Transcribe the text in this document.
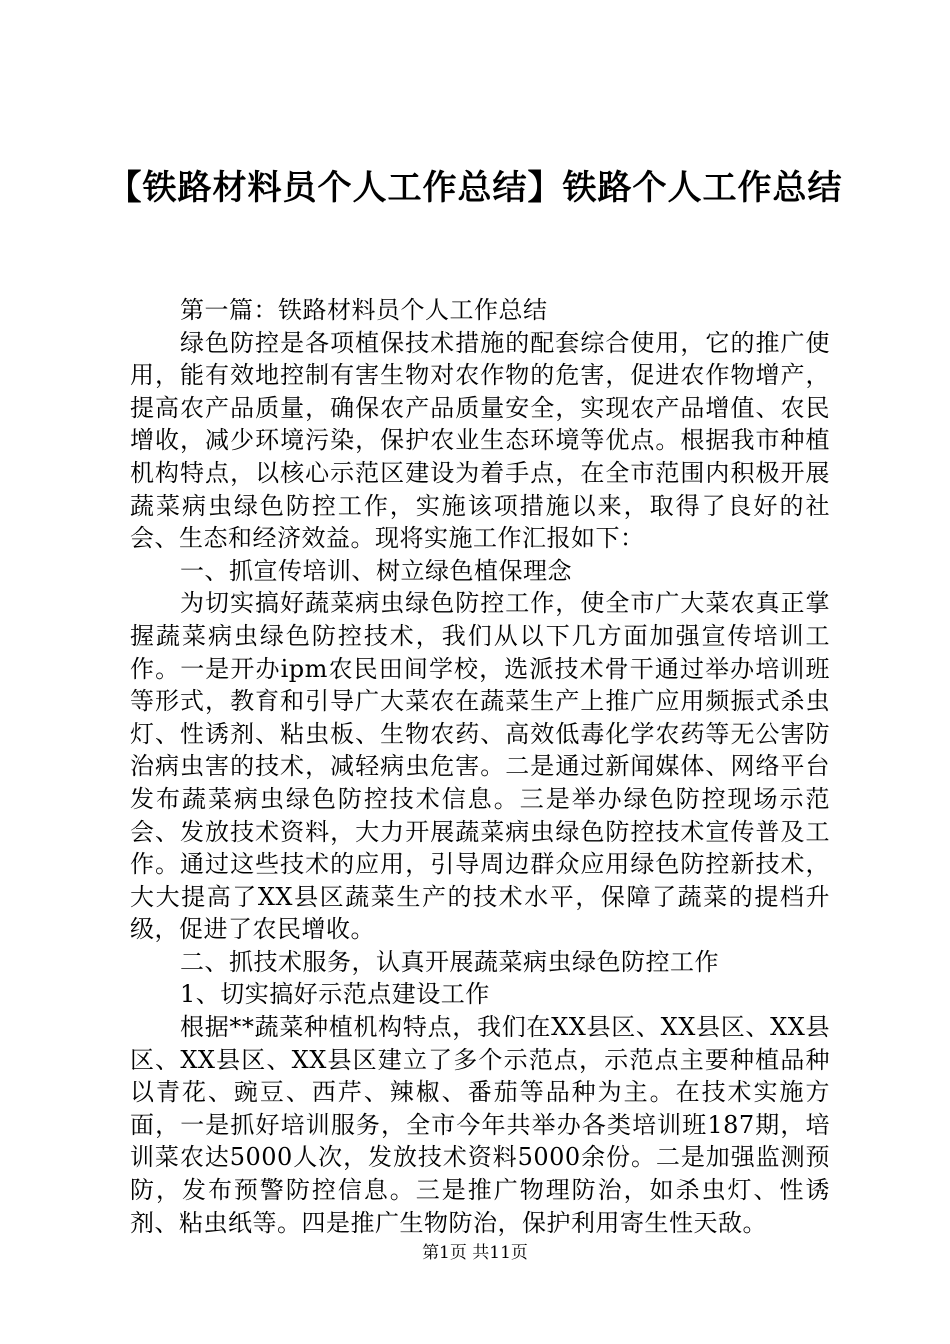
【铁路材料员个人工作总结】铁路个人工作总结

第一篇：铁路材料员个人工作总结

绿色防控是各项植保技术措施的配套综合使用，它的推广使用，能有效地控制有害生物对农作物的危害，促进农作物增产，提高农产品质量，确保农产品质量安全，实现农产品增值、农民增收，减少环境污染，保护农业生态环境等优点。根据我市种植机构特点，以核心示范区建设为着手点，在全市范围内积极开展蔬菜病虫绿色防控工作，实施该项措施以来，取得了良好的社会、生态和经济效益。现将实施工作汇报如下：

一、抓宣传培训、树立绿色植保理念

为切实搞好蔬菜病虫绿色防控工作，使全市广大菜农真正掌握蔬菜病虫绿色防控技术，我们从以下几方面加强宣传培训工作。一是开办ipm农民田间学校，选派技术骨干通过举办培训班等形式，教育和引导广大菜农在蔬菜生产上推广应用频振式杀虫灯、性诱剂、粘虫板、生物农药、高效低毒化学农药等无公害防治病虫害的技术，减轻病虫危害。二是通过新闻媒体、网络平台发布蔬菜病虫绿色防控技术信息。三是举办绿色防控现场示范会、发放技术资料，大力开展蔬菜病虫绿色防控技术宣传普及工作。通过这些技术的应用，引导周边群众应用绿色防控新技术，大大提高了XX县区蔬菜生产的技术水平，保障了蔬菜的提档升级，促进了农民增收。

二、抓技术服务，认真开展蔬菜病虫绿色防控工作

1、切实搞好示范点建设工作

根据**蔬菜种植机构特点，我们在XX县区、XX县区、XX县区、XX县区、XX县区建立了多个示范点，示范点主要种植品种以青花、豌豆、西芹、辣椒、番茄等品种为主。在技术实施方面，一是抓好培训服务，全市今年共举办各类培训班187期，培训菜农达5000人次，发放技术资料5000余份。二是加强监测预防，发布预警防控信息。三是推广物理防治，如杀虫灯、性诱剂、粘虫纸等。四是推广生物防治，保护利用寄生性天敌。

第1页 共11页
